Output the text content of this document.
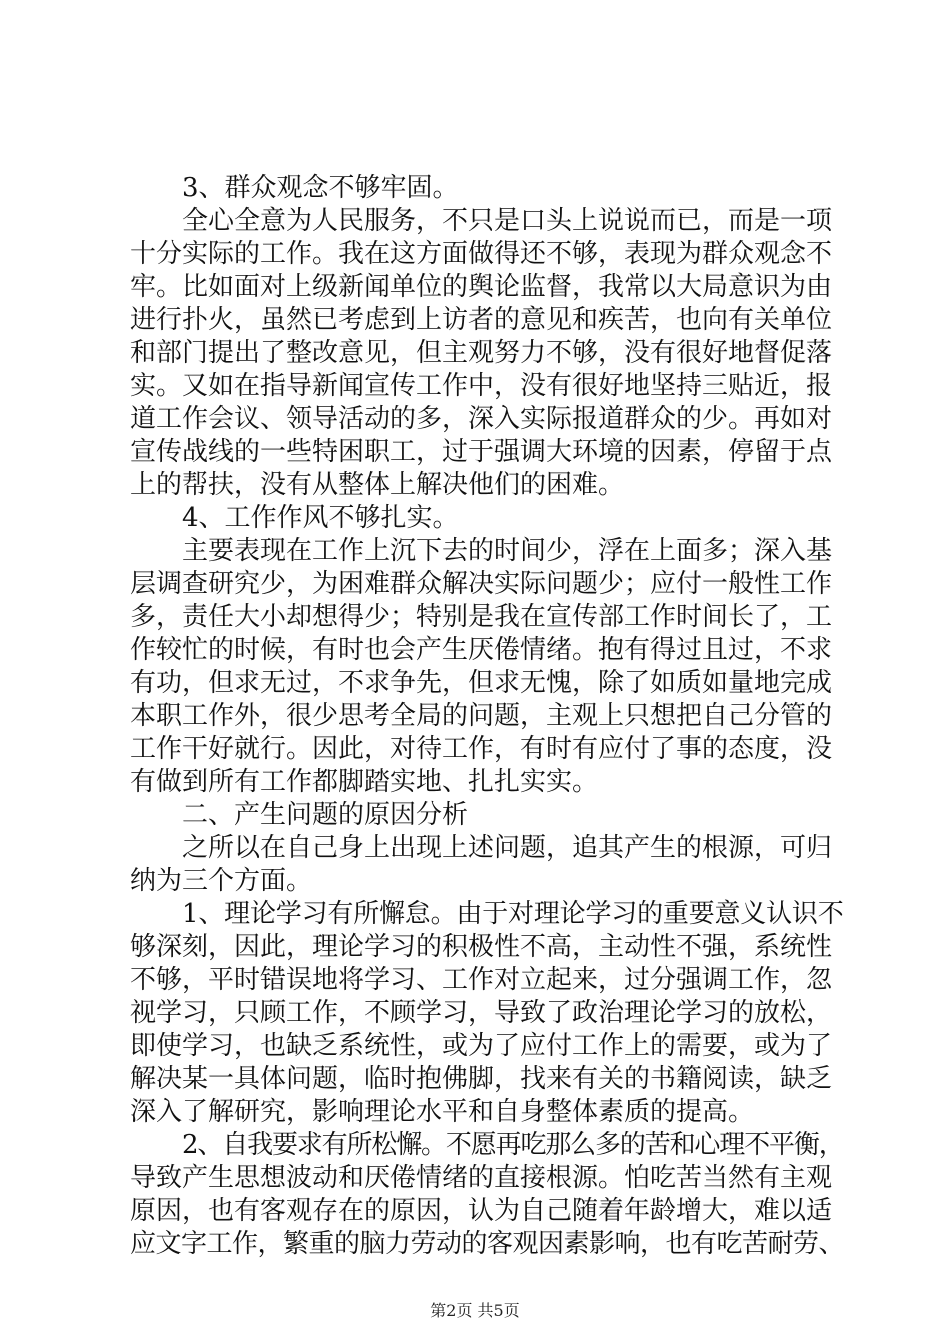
3、群众观念不够牢固。
全心全意为人民服务，不只是口头上说说而已，而是一项
十分实际的工作。我在这方面做得还不够，表现为群众观念不
牢。比如面对上级新闻单位的舆论监督，我常以大局意识为由
进行扑火，虽然已考虑到上访者的意见和疾苦，也向有关单位
和部门提出了整改意见，但主观努力不够，没有很好地督促落
实。又如在指导新闻宣传工作中，没有很好地坚持三贴近，报
道工作会议、领导活动的多，深入实际报道群众的少。再如对
宣传战线的一些特困职工，过于强调大环境的因素，停留于点
上的帮扶，没有从整体上解决他们的困难。
4、工作作风不够扎实。
主要表现在工作上沉下去的时间少，浮在上面多；深入基
层调查研究少，为困难群众解决实际问题少；应付一般性工作
多，责任大小却想得少；特别是我在宣传部工作时间长了，工
作较忙的时候，有时也会产生厌倦情绪。抱有得过且过，不求
有功，但求无过，不求争先，但求无愧，除了如质如量地完成
本职工作外，很少思考全局的问题，主观上只想把自己分管的
工作干好就行。因此，对待工作，有时有应付了事的态度，没
有做到所有工作都脚踏实地、扎扎实实。
二、产生问题的原因分析
之所以在自己身上出现上述问题，追其产生的根源，可归
纳为三个方面。
1、理论学习有所懈怠。由于对理论学习的重要意义认识不
够深刻，因此，理论学习的积极性不高，主动性不强，系统性
不够，平时错误地将学习、工作对立起来，过分强调工作，忽
视学习，只顾工作，不顾学习，导致了政治理论学习的放松，
即使学习，也缺乏系统性，或为了应付工作上的需要，或为了
解决某一具体问题，临时抱佛脚，找来有关的书籍阅读，缺乏
深入了解研究，影响理论水平和自身整体素质的提高。
2、自我要求有所松懈。不愿再吃那么多的苦和心理不平衡，
导致产生思想波动和厌倦情绪的直接根源。怕吃苦当然有主观
原因，也有客观存在的原因，认为自己随着年龄增大，难以适
应文字工作，繁重的脑力劳动的客观因素影响，也有吃苦耐劳、
第2页 共5页
